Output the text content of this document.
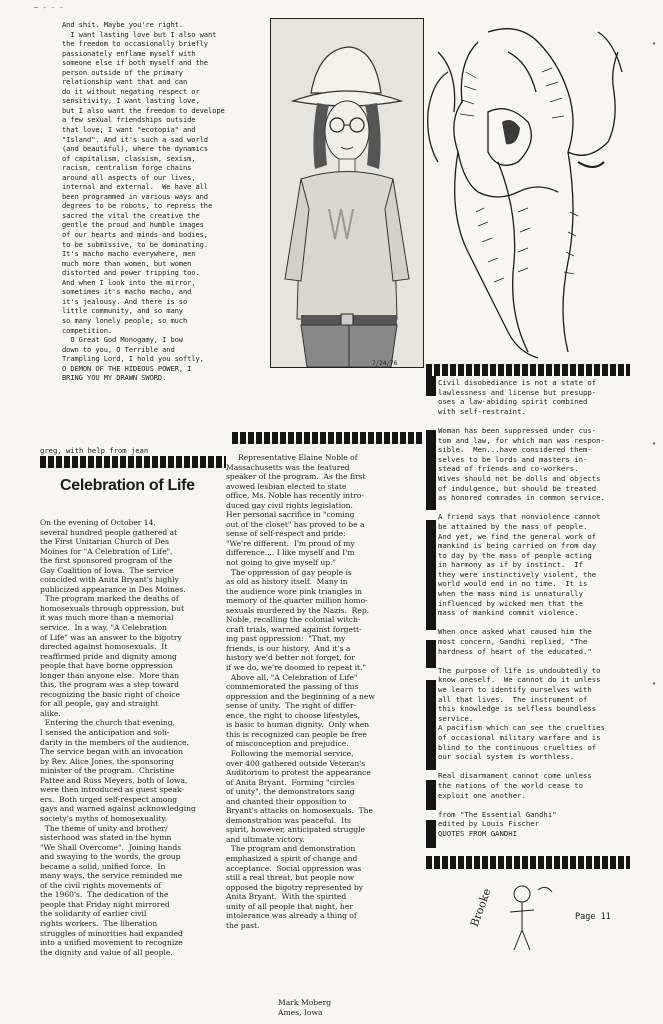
~ - - -
And shit. Maybe you're right.
I want lasting love but I also want
the freedom to occasionally briefly
passionately enflame myself with
someone else if both myself and the
person outside of the primary
relationship want that and can
do it without negating respect or
sensitivity; I want lasting love,
but I also want the freedom to develope
a few sexual friendships outside
that love; I want "ecotopia" and
"Island". And it's such a sad world
(and beautiful), where the dynamics
of capitalism, classism, sexism,
racism, centralism forge chains
around all aspects of our lives,
internal and external.  We have all
been programmed in various ways and
degrees to be robots, to repress the
sacred the vital the creative the
gentle the proud and humble images
of our hearts and minds and bodies,
to be submissive, to be dominating.
It's macho macho everywhere, men
much more than women, but women
distorted and power tripping too.
And when I look into the mirror,
sometimes it's macho macho, and
it's jealousy. And there is so
little community, and so many
so many lonely people; so much
competition.
O Great God Monogamy, I bow
down to you, O Terrible and
Trampling Lord, I hold you softly,
O DEMON OF THE HIDEOUS POWER, I
BRING YOU MY DRAWN SWORD.
7/24/76
Civil disobediance is not a state of
lawlessness and license but presupp-
oses a law-abiding spirit combined
with self-restraint.

Woman has been suppressed under cus-
tom and law, for which man was respon-
sible.  Men...have considered them-
selves to be lords and masters in-
stead of friends and co-workers.
Wives should not be dolls and objects
of indulgence, but should be treated
as honored comrades in common service.

A friend says that nonviolence cannot
be attained by the mass of people.
And yet, we find the general work of
mankind is being carried on from day
to day by the mass of people acting
in harmony as if by instinct.  If
they were instinctively violent, the
world would end in no time.  It is
when the mass mind is unnaturally
influenced by wicked men that the
mass of mankind commit violence.

When once asked what caused him the
most concern, Gandhi replied, "The
hardness of heart of the educated."

The purpose of life is undoubtedly to
know oneself.  We cannot do it unless
we learn to identify ourselves with
all that lives.  The instrument of
this knowledge is selfless boundless
service.
A pacifism which can see the cruelties
of occasional military warfare and is
blind to the continuous cruelties of
our social system is worthless.

Real disarmament cannot come unless
the nations of the world cease to
exploit one another.

from "The Essential Gandhi"
edited by Louis Fischer
QUOTES FROM GANDHI
greg, with help from jean
Celebration of Life
On the evening of October 14,
several hundred people gathered at
the First Unitarian Church of Des
Moines for "A Celebration of Life",
the first sponsored program of the
Gay Coalition of Iowa.  The service
coincided with Anita Bryant's highly
publicized appearance in Des Moines.
The program marked the deaths of
homosexuals through oppression, but
it was much more than a memorial
service.  In a way, "A Celebration
of Life" was an answer to the bigotry
directed against homosexuals.  It
reaffirmed pride and dignity among
people that have borne oppression
longer than anyone else.  More than
this, the program was a step toward
recognizing the basic right of choice
for all people, gay and straight
alike.
Entering the church that evening,
I sensed the anticipation and soli-
darity in the members of the audience.
The service began with an invocation
by Rev. Alice Jones, the sponsoring
minister of the program.  Christine
Pattee and Russ Meyers, both of Iowa,
were then introduced as guest speak-
ers.  Both urged self-respect among
gays and warned against acknowledging
society's myths of homosexuality.
The theme of unity and brother/
sisterhood was stated in the hymn
"We Shall Overcome".  Joining hands
and swaying to the words, the group
became a solid, unified force.  In
many ways, the service reminded me
of the civil rights movements of
the 1960's.  The dedication of the
people that Friday night mirrored
the solidarity of earlier civil
rights workers.  The liberation
struggles of minorities had expanded
into a unified movement to recognize
the dignity and value of all people.
Representative Elaine Noble of
Massachusetts was the featured
speaker of the program.  As the first
avowed lesbian elected to state
office, Ms. Noble has recently intro-
duced gay civil rights legislation.
Her personal sacrifice in "coming
out of the closet" has proved to be a
sense of self-respect and pride:
"We're different.  I'm proud of my
difference.... I like myself and I'm
not going to give myself up."
The oppression of gay people is
as old as history itself.  Many in
the audience wore pink triangles in
memory of the quarter million homo-
sexuals murdered by the Nazis.  Rep.
Noble, recalling the colonial witch-
craft trials, warned against forgett-
ing past oppression:  "That, my
friends, is our history.  And it's a
history we'd better not forget, for
if we do, we're doomed to repeat it."
Above all, "A Celebration of Life"
commemorated the passing of this
oppression and the beginning of a new
sense of unity.  The right of differ-
ence, the right to choose lifestyles,
is basic to human dignity.  Only when
this is recognized can people be free
of misconception and prejudice.
Following the memorial service,
over 400 gathered outside Veteran's
Auditorium to protest the appearance
of Anita Bryant.  Forming "circles
of unity", the demonstrators sang
and chanted their opposition to
Bryant's attacks on homosexuals.  The
demonstration was peaceful.  Its
spirit, however, anticipated struggle
and ultimate victory.
The program and demonstration
emphasized a spirit of change and
acceptance.  Social oppression was
still a real threat, but people now
opposed the bigotry represented by
Anita Bryant.  With the spirited
unity of all people that night, her
intolerance was already a thing of
the past.
Mark Moberg
Ames, Iowa
Brooke	Page 11
•
•
•
